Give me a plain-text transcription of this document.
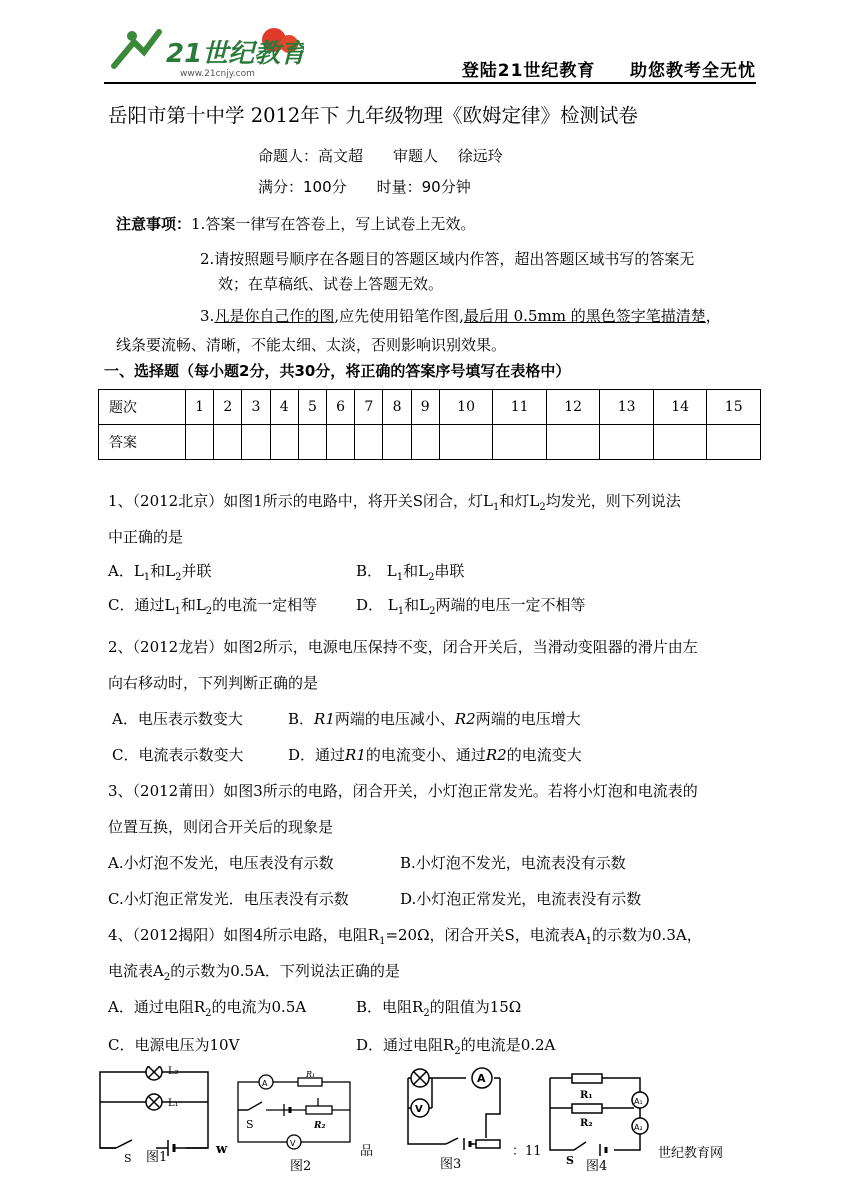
21世纪教育
www.21cnjy.com	登陆21世纪教育 助您教考全无忧
岳阳市第十中学 2012年下 九年级物理《欧姆定律》检测试卷
命题人：高文超　　审题人　 徐远玲
满分：100分　　时量：90分钟
注意事项：1.答案一律写在答卷上，写上试卷上无效。
2.请按照题号顺序在各题目的答题区域内作答，超出答题区域书写的答案无
效；在草稿纸、试卷上答题无效。
3.凡是你自己作的图,应先使用铅笔作图,最后用 0.5mm 的黑色签字笔描清楚，
线条要流畅、清晰，不能太细、太淡，否则影响识别效果。
一、选择题（每小题2分，共30分，将正确的答案序号填写在表格中）
题次	1	2	3	4	5	6	7	8	9	10	11	12	13	14	15
答案															
1、（2012北京）如图1所示的电路中，将开关S闭合，灯$L_1$和灯$L_2$均发光，则下列说法
中正确的是
A．$L_1$和$L_2$并联	B． $L_1$和$L_2$串联
C．通过$L_1$和$L_2$的电流一定相等	D． $L_1$和$L_2$两端的电压一定不相等
2、（2012龙岩）如图2所示，电源电压保持不变，闭合开关后，当滑动变阻器的滑片由左
向右移动时，下列判断正确的是
A．电压表示数变大	B．R1两端的电压减小、R2两端的电压增大
C．电流表示数变大	D．通过R1的电流变小、通过R2的电流变大
3、（2012莆田）如图3所示的电路，闭合开关，小灯泡正常发光。若将小灯泡和电流表的
位置互换，则闭合开关后的现象是
A.小灯泡不发光，电压表没有示数	B.小灯泡不发光，电流表没有示数
C.小灯泡正常发光．电压表没有示数	D.小灯泡正常发光，电流表没有示数
4、（2012揭阳）如图4所示电路，电阻$R_1=20\Omega$，闭合开关S，电流表$A_1$的示数为0.3A，
电流表$A_2$的示数为0.5A．下列说法正确的是
A．通过电阻$R_2$的电流为0.5A	B．电阻$R_2$的阻值为15Ω
C．电源电压为10V	D．通过电阻$R_2$的电流是0.2A
L₂
L₁
S 图1
w
A
V
R₁
R₂
S
图2
品
A
V
图3
：11
R₁
R₂
A₁
A₂
S 图4
世纪教育网
